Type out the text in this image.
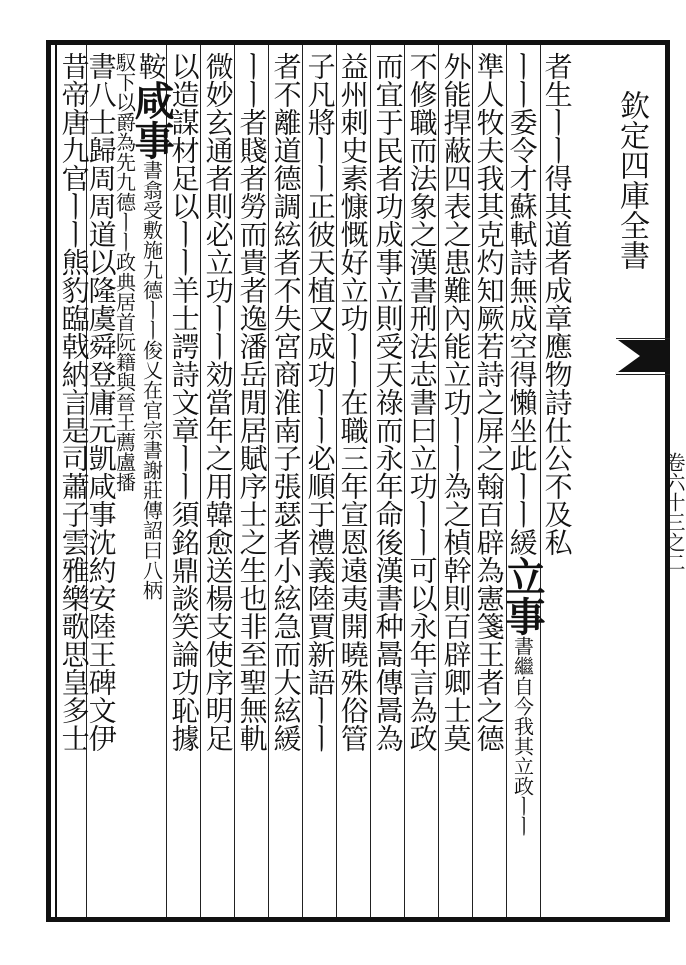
者生ㅣㅣ得其道者成章應物詩仕公不及私
ㅣㅣ委令才蘇軾詩無成空得懶坐此ㅣㅣ緩
立事
書繼自今我其立政ㅣㅣ
準人牧夫我其克灼知厥若詩之屏之翰百辟為憲箋王者之德
外能捍蔽四表之患難內能立功ㅣㅣ為之楨幹則百辟卿士莫
不修職而法象之漢書刑法志書曰立功ㅣㅣ可以永年言為政
而宜于民者功成事立則受天祿而永年命後漢書种暠傳暠為
益州刺史素慷慨好立功ㅣㅣ在職三年宣恩遠夷開曉殊俗管
子凡將ㅣㅣ正彼天植又成功ㅣㅣ必順于禮義陸賈新語ㅣㅣ
者不離道德調絃者不失宮商淮南子張瑟者小絃急而大絃緩
ㅣㅣ者賤者勞而貴者逸潘岳閒居賦序士之生也非至聖無軌
微妙玄通者則必立功ㅣㅣ効當年之用韓愈送楊支使序明足
以造謀材足以ㅣㅣ羊士諤詩文章ㅣㅣ須銘鼎談笑論功恥據
鞍
咸事
書翕受敷施九德ㅣㅣ俊乂在官宗書謝莊傳詔曰八柄
馭下以爵為先九德ㅣㅣ政典居首阮籍與晉王薦盧播
書八士歸周周道以隆虞舜登庸元凱咸事沈約安陸王碑文伊
昔帝唐九官ㅣㅣ熊豹臨戟納言是司蕭子雲雅樂歌思皇多士	欽定四庫全書
卷六十三之二
